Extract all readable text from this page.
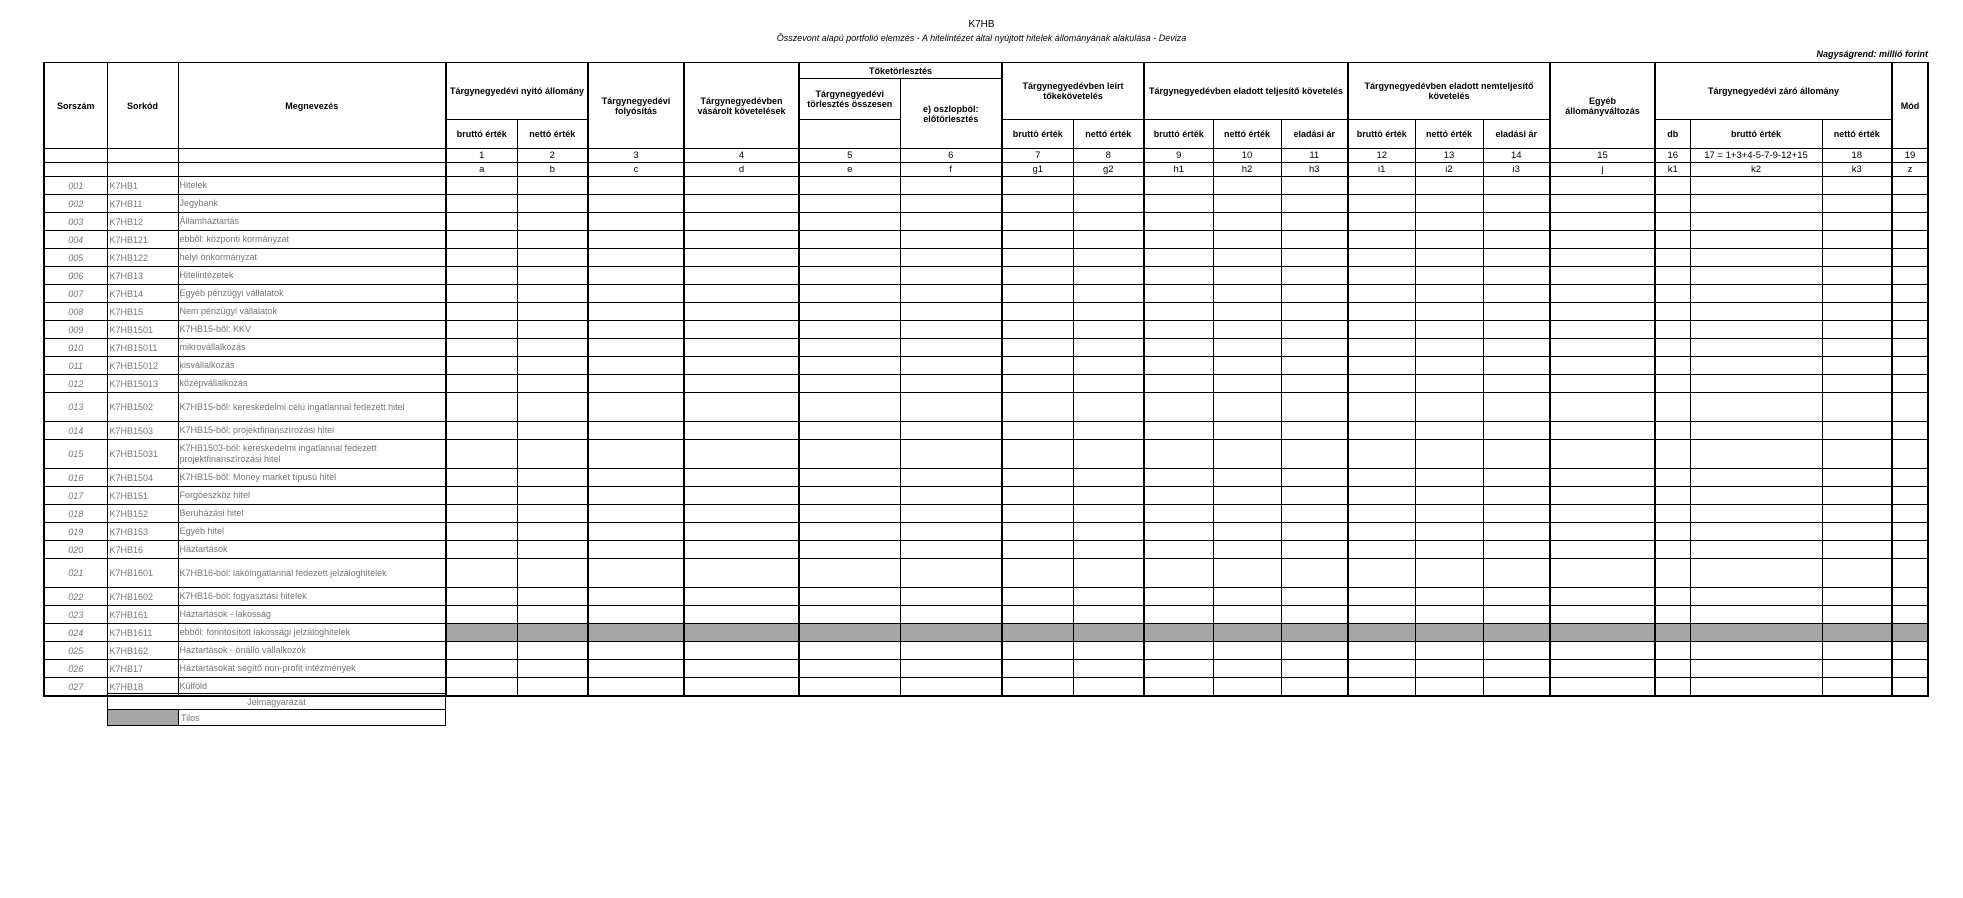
K7HB
Összevont alapú portfolió elemzés - A hitelintézet által nyújtott hitelek állományának alakulása - Deviza
Nagyságrend: millió forint
Sorszám	Sorkód	Megnevezés	Tárgynegyedévi nyitó állomány		Tárgynegyedévi folyósítás	Tárgynegyedévben vásárolt követelések	Tőketörlesztés		Tárgynegyedévben leírt tőkekövetelés		Tárgynegyedévben eladott teljesítő követelés			Tárgynegyedévben eladott nemteljesítő követelés			Egyéb állományváltozás	Tárgynegyedévi záró állomány			Mód
							Tárgynegyedévi törlesztés összesen	e) oszlopból: előtörlesztés													
			bruttó érték	nettó érték					bruttó érték	nettó érték	bruttó érték	nettó érték	eladási ár	bruttó érték	nettó érték	eladási ár		db	bruttó érték	nettó érték	
			1	2	3	4	5	6	7	8	9	10	11	12	13	14	15	16	17 = 1+3+4-5-7-9-12+15	18	19
			a	b	c	d	e	f	g1	g2	h1	h2	h3	i1	i2	i3	j	k1	k2	k3	z
001	K7HB1	Hitelek																			
002	K7HB11	Jegybank																			
003	K7HB12	Államháztartás																			
004	K7HB121	ebből: központi kormányzat																			
005	K7HB122	helyi önkormányzat																			
006	K7HB13	Hitelintézetek																			
007	K7HB14	Egyéb pénzügyi vállalatok																			
008	K7HB15	Nem pénzügyi vállalatok																			
009	K7HB1501	K7HB15-ből: KKV																			
010	K7HB15011	mikrovállalkozás																			
011	K7HB15012	kisvállalkozás																			
012	K7HB15013	középvállalkozás																			
013	K7HB1502	K7HB15-ből: kereskedelmi célú ingatlannal fedezett hitel																			
014	K7HB1503	K7HB15-ből: projektfinanszírozási hitel																			
015	K7HB15031	K7HB1503-ból: kereskedelmi ingatlannal fedezett projektfinanszírozási hitel																			
016	K7HB1504	K7HB15-ből: Money market típusú hitel																			
017	K7HB151	Forgóeszköz hitel																			
018	K7HB152	Beruházási hitel																			
019	K7HB153	Egyéb hitel																			
020	K7HB16	Háztartások																			
021	K7HB1601	K7HB16-ból: lakóingatlannal fedezett jelzáloghitelek																			
022	K7HB1602	K7HB16-ból: fogyasztási hitelek																			
023	K7HB161	Háztartások - lakosság																			
024	K7HB1611	ebből: forintosított lakossági jelzáloghitelek																			
025	K7HB162	Háztartások - önálló vállalkozók																			
026	K7HB17	Háztartásokat segítő non-profit intézmények																			
027	K7HB18	Külföld																			
Jelmagyarázat
	Tilos
